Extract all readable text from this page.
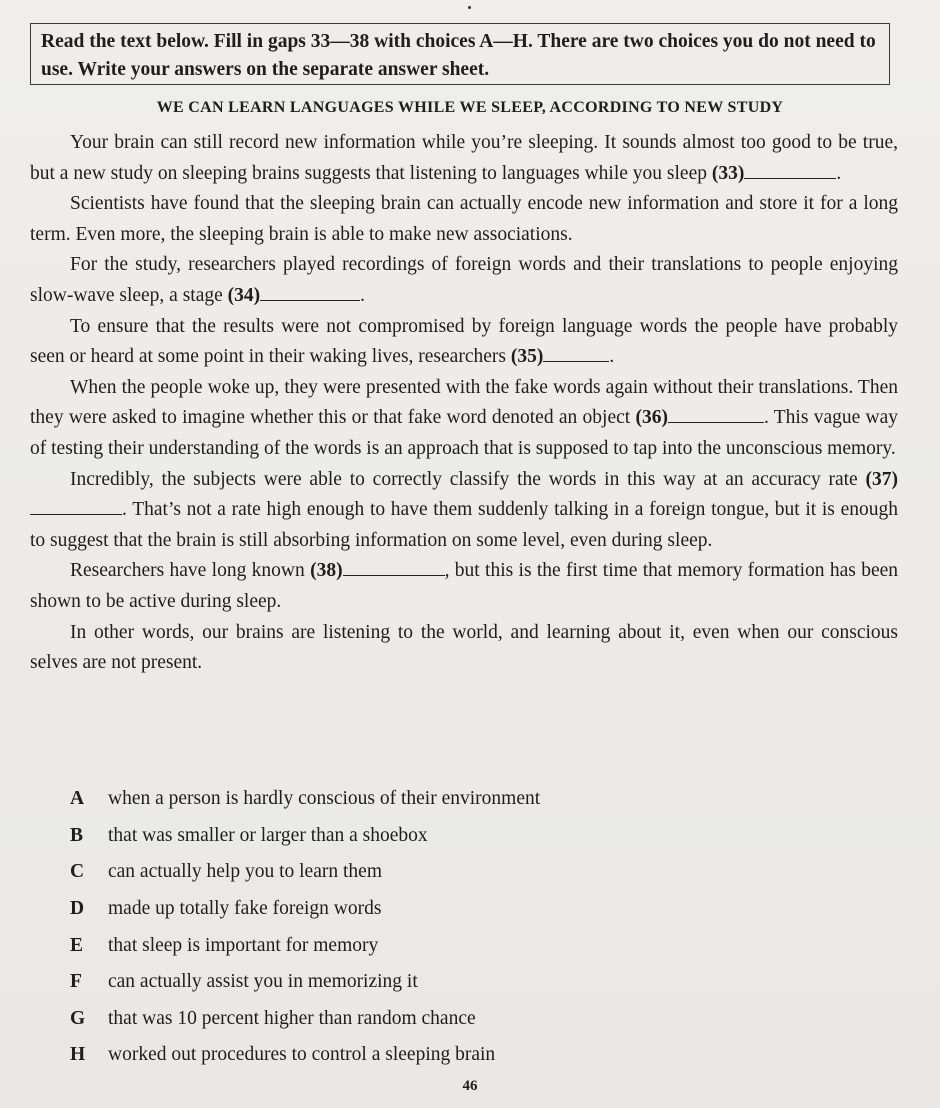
Read the text below. Fill in gaps 33—38 with choices A—H. There are two choices you do not need to use. Write your answers on the separate answer sheet.
WE CAN LEARN LANGUAGES WHILE WE SLEEP, ACCORDING TO NEW STUDY

Your brain can still record new information while you’re sleeping. It sounds almost too good to be true, but a new study on sleeping brains suggests that listening to languages while you sleep (33)	.

Scientists have found that the sleeping brain can actually encode new information and store it for a long term. Even more, the sleeping brain is able to make new associations.

For the study, researchers played recordings of foreign words and their translations to people enjoying slow-wave sleep, a stage (34)	.

To ensure that the results were not compromised by foreign language words the people have probably seen or heard at some point in their waking lives, researchers (35)	.

When the people woke up, they were presented with the fake words again without their translations. Then they were asked to imagine whether this or that fake word denoted an object (36)	. This vague way of testing their understanding of the words is an approach that is supposed to tap into the unconscious memory.

Incredibly, the subjects were able to correctly classify the words in this way at an accuracy rate (37) . That’s not a rate high enough to have them suddenly talking in a foreign tongue, but it is enough to suggest that the brain is still absorbing information on some level, even during sleep.

Researchers have long known (38)	, but this is the first time that memory formation has been shown to be active during sleep.

In other words, our brains are listening to the world, and learning about it, even when our conscious selves are not present.

A	when a person is hardly conscious of their environment
B	that was smaller or larger than a shoebox
C	can actually help you to learn them
D	made up totally fake foreign words
E	that sleep is important for memory
F	can actually assist you in memorizing it
G	that was 10 percent higher than random chance
H	worked out procedures to control a sleeping brain
46
